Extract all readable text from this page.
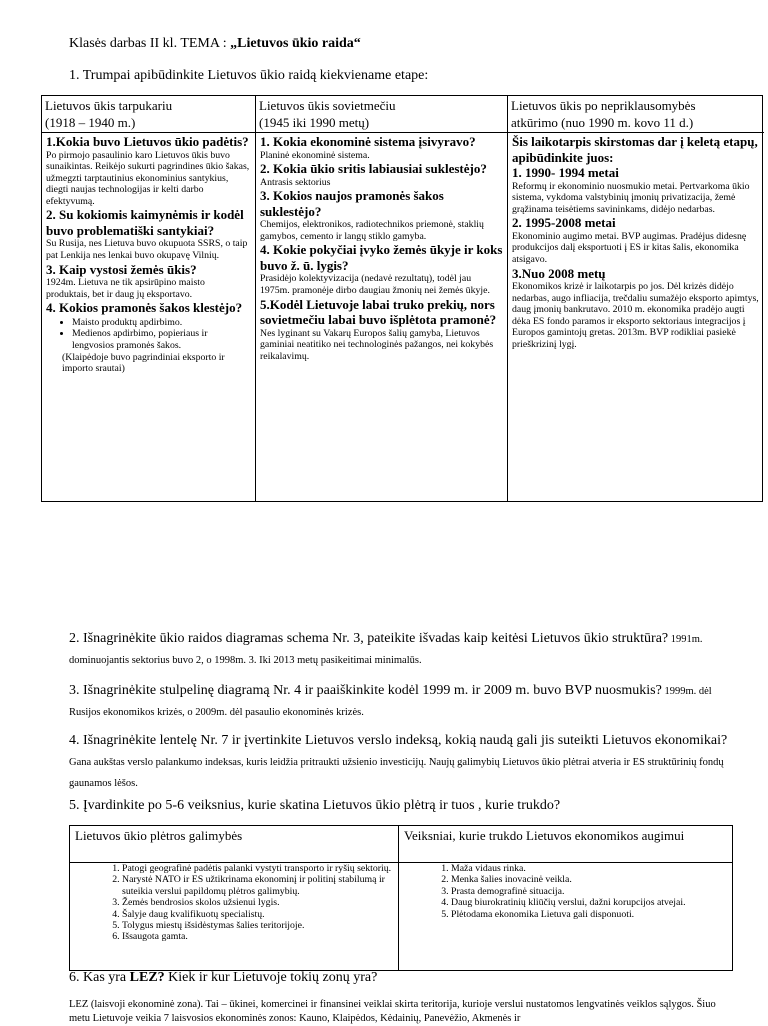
Klasės darbas II kl. TEMA : „Lietuvos ūkio raida“
1. Trumpai apibūdinkite Lietuvos ūkio raidą kiekviename etape:
Lietuvos ūkis tarpukariu
(1918 – 1940 m.)

1.Kokia buvo Lietuvos ūkio padėtis?

Po pirmojo pasaulinio karo Lietuvos ūkis buvo sunaikintas. Reikėjo sukurti pagrindines ūkio šakas, užmegzti tarptautinius ekonominius santykius, diegti naujas technologijas ir kelti darbo efektyvumą.

2. Su kokiomis kaimynėmis ir kodėl buvo problematiški santykiai?

Su Rusija, nes Lietuva buvo okupuota SSRS, o taip pat Lenkija nes lenkai buvo okupavę Vilnių.

3. Kaip vystosi žemės ūkis?

1924m. Lietuva ne tik apsirūpino maisto produktais, bet ir daug jų eksportavo.

4. Kokios pramonės šakos klestėjo?

• Maisto produktų apdirbimo.
• Medienos apdirbimo, popieriaus ir lengvosios pramonės šakos.

(Klaipėdoje buvo pagrindiniai eksporto ir importo srautai)

Lietuvos ūkis sovietmečiu
(1945 iki 1990 metų)

1. Kokia ekonominė sistema įsivyravo?

Planinė ekonominė sistema.

2. Kokia ūkio sritis labiausiai suklestėjo?

Antrasis sektorius

3. Kokios naujos pramonės šakos suklestėjo?

Chemijos, elektronikos, radiotechnikos priemonė, staklių gamybos, cemento ir langų stiklo gamyba.

4. Kokie pokyčiai įvyko žemės ūkyje ir koks buvo ž. ū. lygis?

Prasidėjo kolektyvizacija (nedavė rezultatų), todėl jau 1975m. pramonėje dirbo daugiau žmonių nei žemės ūkyje.

5.Kodėl Lietuvoje labai truko prekių, nors sovietmečiu labai buvo išplėtota pramonė?

Nes lyginant su Vakarų Europos šalių gamyba, Lietuvos gaminiai neatitiko nei technologinės pažangos, nei kokybės reikalavimų.

Lietuvos ūkis po nepriklausomybės
atkūrimo (nuo 1990 m. kovo 11 d.)

Šis laikotarpis skirstomas dar į keletą etapų, apibūdinkite juos:

1. 1990- 1994 metai

Reformų ir ekonominio nuosmukio metai. Pertvarkoma ūkio sistema, vykdoma valstybinių įmonių privatizacija, žemė grąžinama teisėtiems savininkams, didėjo nedarbas.

2. 1995-2008 metai

Ekonominio augimo metai. BVP augimas. Pradėjus didesnę produkcijos dalį eksportuoti į ES ir kitas šalis, ekonomika atsigavo.

3.Nuo 2008 metų

Ekonomikos krizė ir laikotarpis po jos. Dėl krizės didėjo nedarbas, augo infliacija, trečdaliu sumažėjo eksporto apimtys, daug įmonių bankrutavo. 2010 m. ekonomika pradėjo augti dėka ES fondo paramos ir eksporto sektoriaus integracijos į Europos gamintojų gretas. 2013m. BVP rodikliai pasiekė prieškrizinį lygį.

2. Išnagrinėkite ūkio raidos diagramas schema Nr. 3, pateikite išvadas kaip keitėsi Lietuvos ūkio struktūra? 1991m. dominuojantis sektorius buvo 2, o 1998m. 3. Iki 2013 metų pasikeitimai minimalūs.
3. Išnagrinėkite stulpelinę diagramą Nr. 4 ir paaiškinkite kodėl 1999 m. ir 2009 m. buvo BVP nuosmukis? 1999m. dėl Rusijos ekonomikos krizės, o 2009m. dėl pasaulio ekonominės krizės.
4. Išnagrinėkite lentelę Nr. 7 ir įvertinkite Lietuvos verslo indeksą, kokią naudą gali jis suteikti Lietuvos ekonomikai? Gana aukštas verslo palankumo indeksas, kuris leidžia pritraukti užsienio investicijų. Naujų galimybių Lietuvos ūkio plėtrai atveria ir ES struktūrinių fondų gaunamos lėšos.
5. Įvardinkite po 5-6 veiksnius, kurie skatina Lietuvos ūkio plėtrą ir tuos , kurie trukdo?
Lietuvos ūkio plėtros galimybės
1. Patogi geografinė padėtis palanki vystyti transporto ir ryšių sektorių.
2. Narystė NATO ir ES užtikrinama ekonominį ir politinį stabilumą ir suteikia verslui papildomų plėtros galimybių.
3. Žemės bendrosios skolos užsienui lygis.
4. Šalyje daug kvalifikuotų specialistų.
5. Tolygus miestų išsidėstymas šalies teritorijoje.
6. Išsaugota gamta.
Veiksniai, kurie trukdo Lietuvos ekonomikos augimui
1. Maža vidaus rinka.
2. Menka šalies inovacinė veikla.
3. Prasta demografinė situacija.
4. Daug biurokratinių kliūčių verslui, dažni korupcijos atvejai.
5. Plėtodama ekonomika Lietuva gali disponuoti.
6. Kas yra LEZ? Kiek ir kur Lietuvoje tokių zonų yra?
LEZ (laisvoji ekonominė zona). Tai – ūkinei, komercinei ir finansinei veiklai skirta teritorija, kurioje verslui nustatomos lengvatinės veiklos sąlygos. Šiuo metu Lietuvoje veikia 7 laisvosios ekonominės zonos: Kauno, Klaipėdos, Kėdainių, Panevėžio, Akmenės ir
